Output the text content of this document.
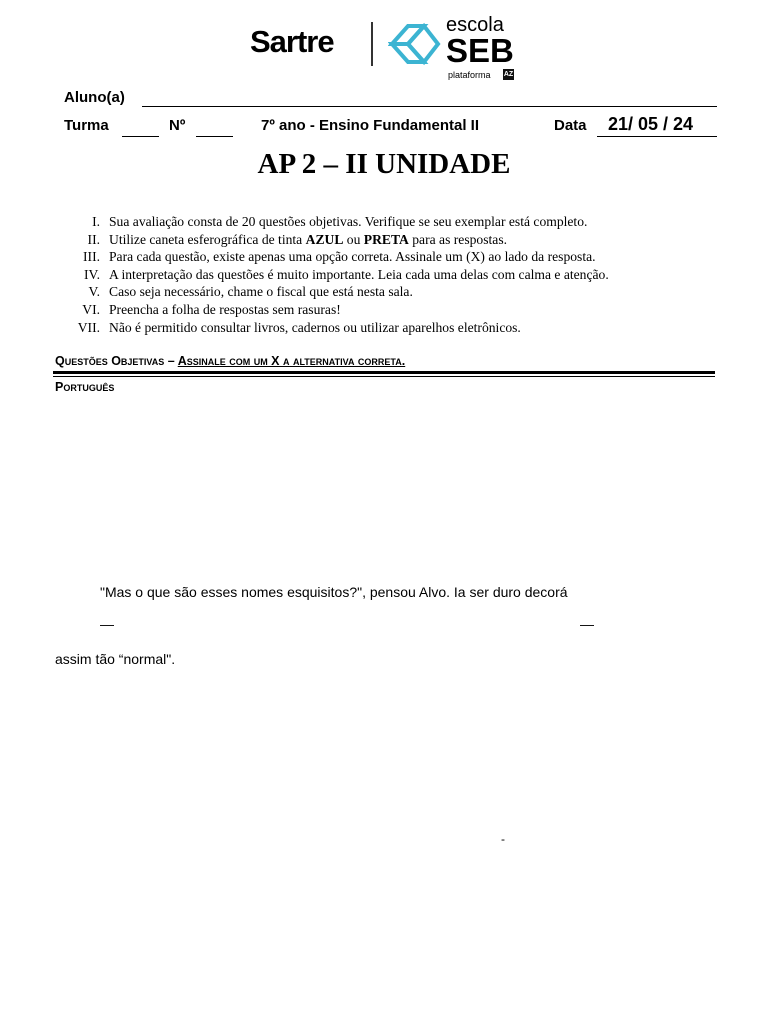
Sartre	escola
SEB
plataforma AZ
Aluno(a)
Turma	Nº	7º ano - Ensino Fundamental II	Data 21/ 05 / 24
AP 2 – II UNIDADE
I. Sua avaliação consta de 20 questões objetivas. Verifique se seu exemplar está completo.
II. Utilize caneta esferográfica de tinta AZUL ou PRETA para as respostas.
III. Para cada questão, existe apenas uma opção correta. Assinale um (X) ao lado da resposta.
IV. A interpretação das questões é muito importante. Leia cada uma delas com calma e atenção.
V. Caso seja necessário, chame o fiscal que está nesta sala.
VI. Preencha a folha de respostas sem rasuras!
VII. Não é permitido consultar livros, cadernos ou utilizar aparelhos eletrônicos.
Questões Objetivas – Assinale com um X a alternativa correta.
Português
"Mas o que são esses nomes esquisitos?", pensou Alvo. Ia ser duro decorá
—	—
assim tão “normal".
-
